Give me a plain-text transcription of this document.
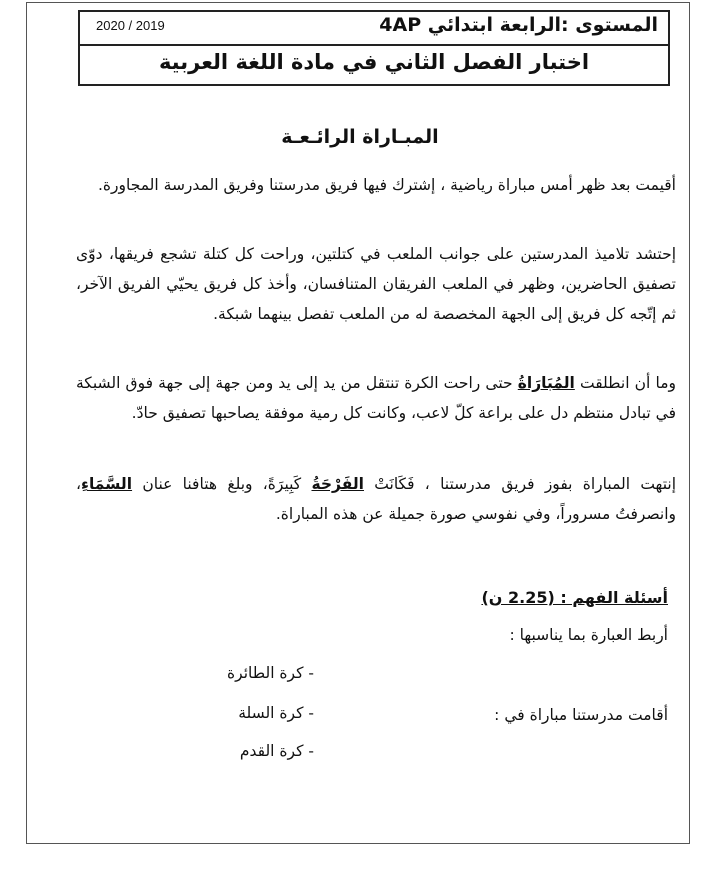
2020 / 2019	المستوى :الرابعة ابتدائي 4AP
اختبار الفصل الثاني في مادة اللغة العربية
المبـاراة الرائـعـة

أقيمت بعد ظهر أمس مباراة رياضية ، إشترك فيها فريق مدرستنا وفريق المدرسة المجاورة.

إحتشد تلاميذ المدرستين على جوانب الملعب في كتلتين، وراحت كل كتلة تشجع فريقها، دوّى تصفيق الحاضرين، وظهر في الملعب الفريقان المتنافسان، وأخذ كل فريق يحيّي الفريق الآخر، ثم إتّجه كل فريق إلى الجهة المخصصة له من الملعب تفصل بينهما شبكة.

وما أن انطلقت المُبَارَاةُ حتى راحت الكرة تنتقل من يد إلى يد ومن جهة إلى جهة فوق الشبكة في تبادل منتظم دل على براعة كلّ لاعب، وكانت كل رمية موفقة يصاحبها تصفيق حادّ.

إنتهت المباراة بفوز فريق مدرستنا ، فَكَانَتْ الفَرْحَةُ كَبِيرَةً، وبلغ هتافنا عنان السَّمَاءِ، وانصرفتُ مسروراً، وفي نفوسي صورة جميلة عن هذه المباراة.

أسئلة الفهم : (2.25 ن)
أربط العبارة بما يناسبها :
أقامت مدرستنا مباراة في :
- كرة الطائرة
- كرة السلة
- كرة القدم
